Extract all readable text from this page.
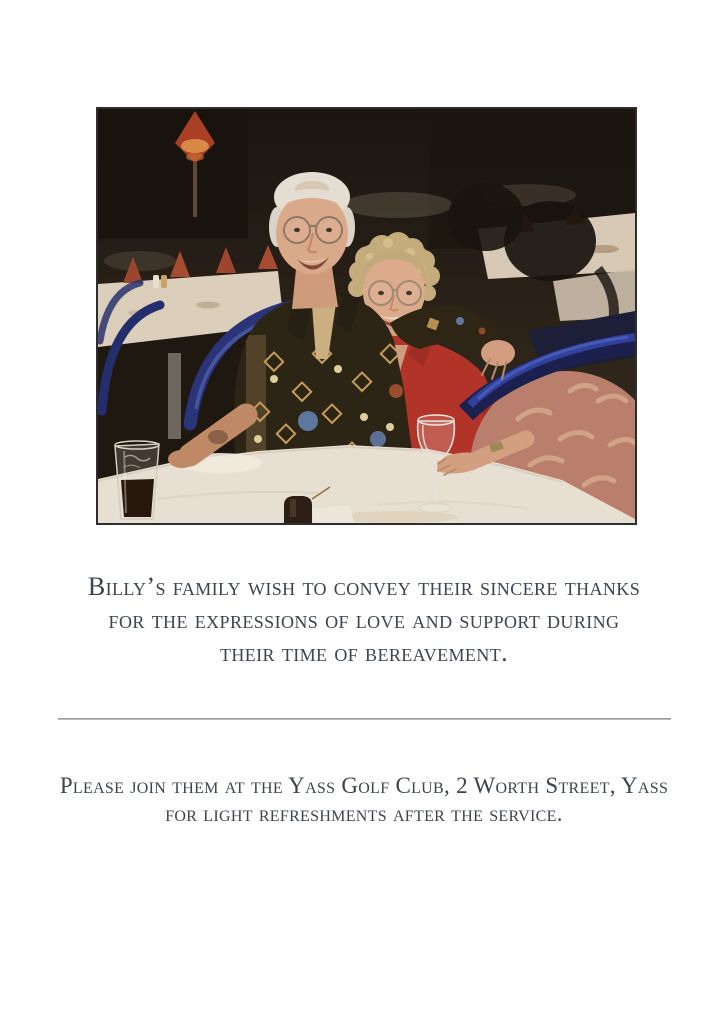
Billy’s family wish to convey their sincere thanks
for the expressions of love and support during
their time of bereavement.
Please join them at the Yass Golf Club, 2 Worth Street, Yass
for light refreshments after the service.
